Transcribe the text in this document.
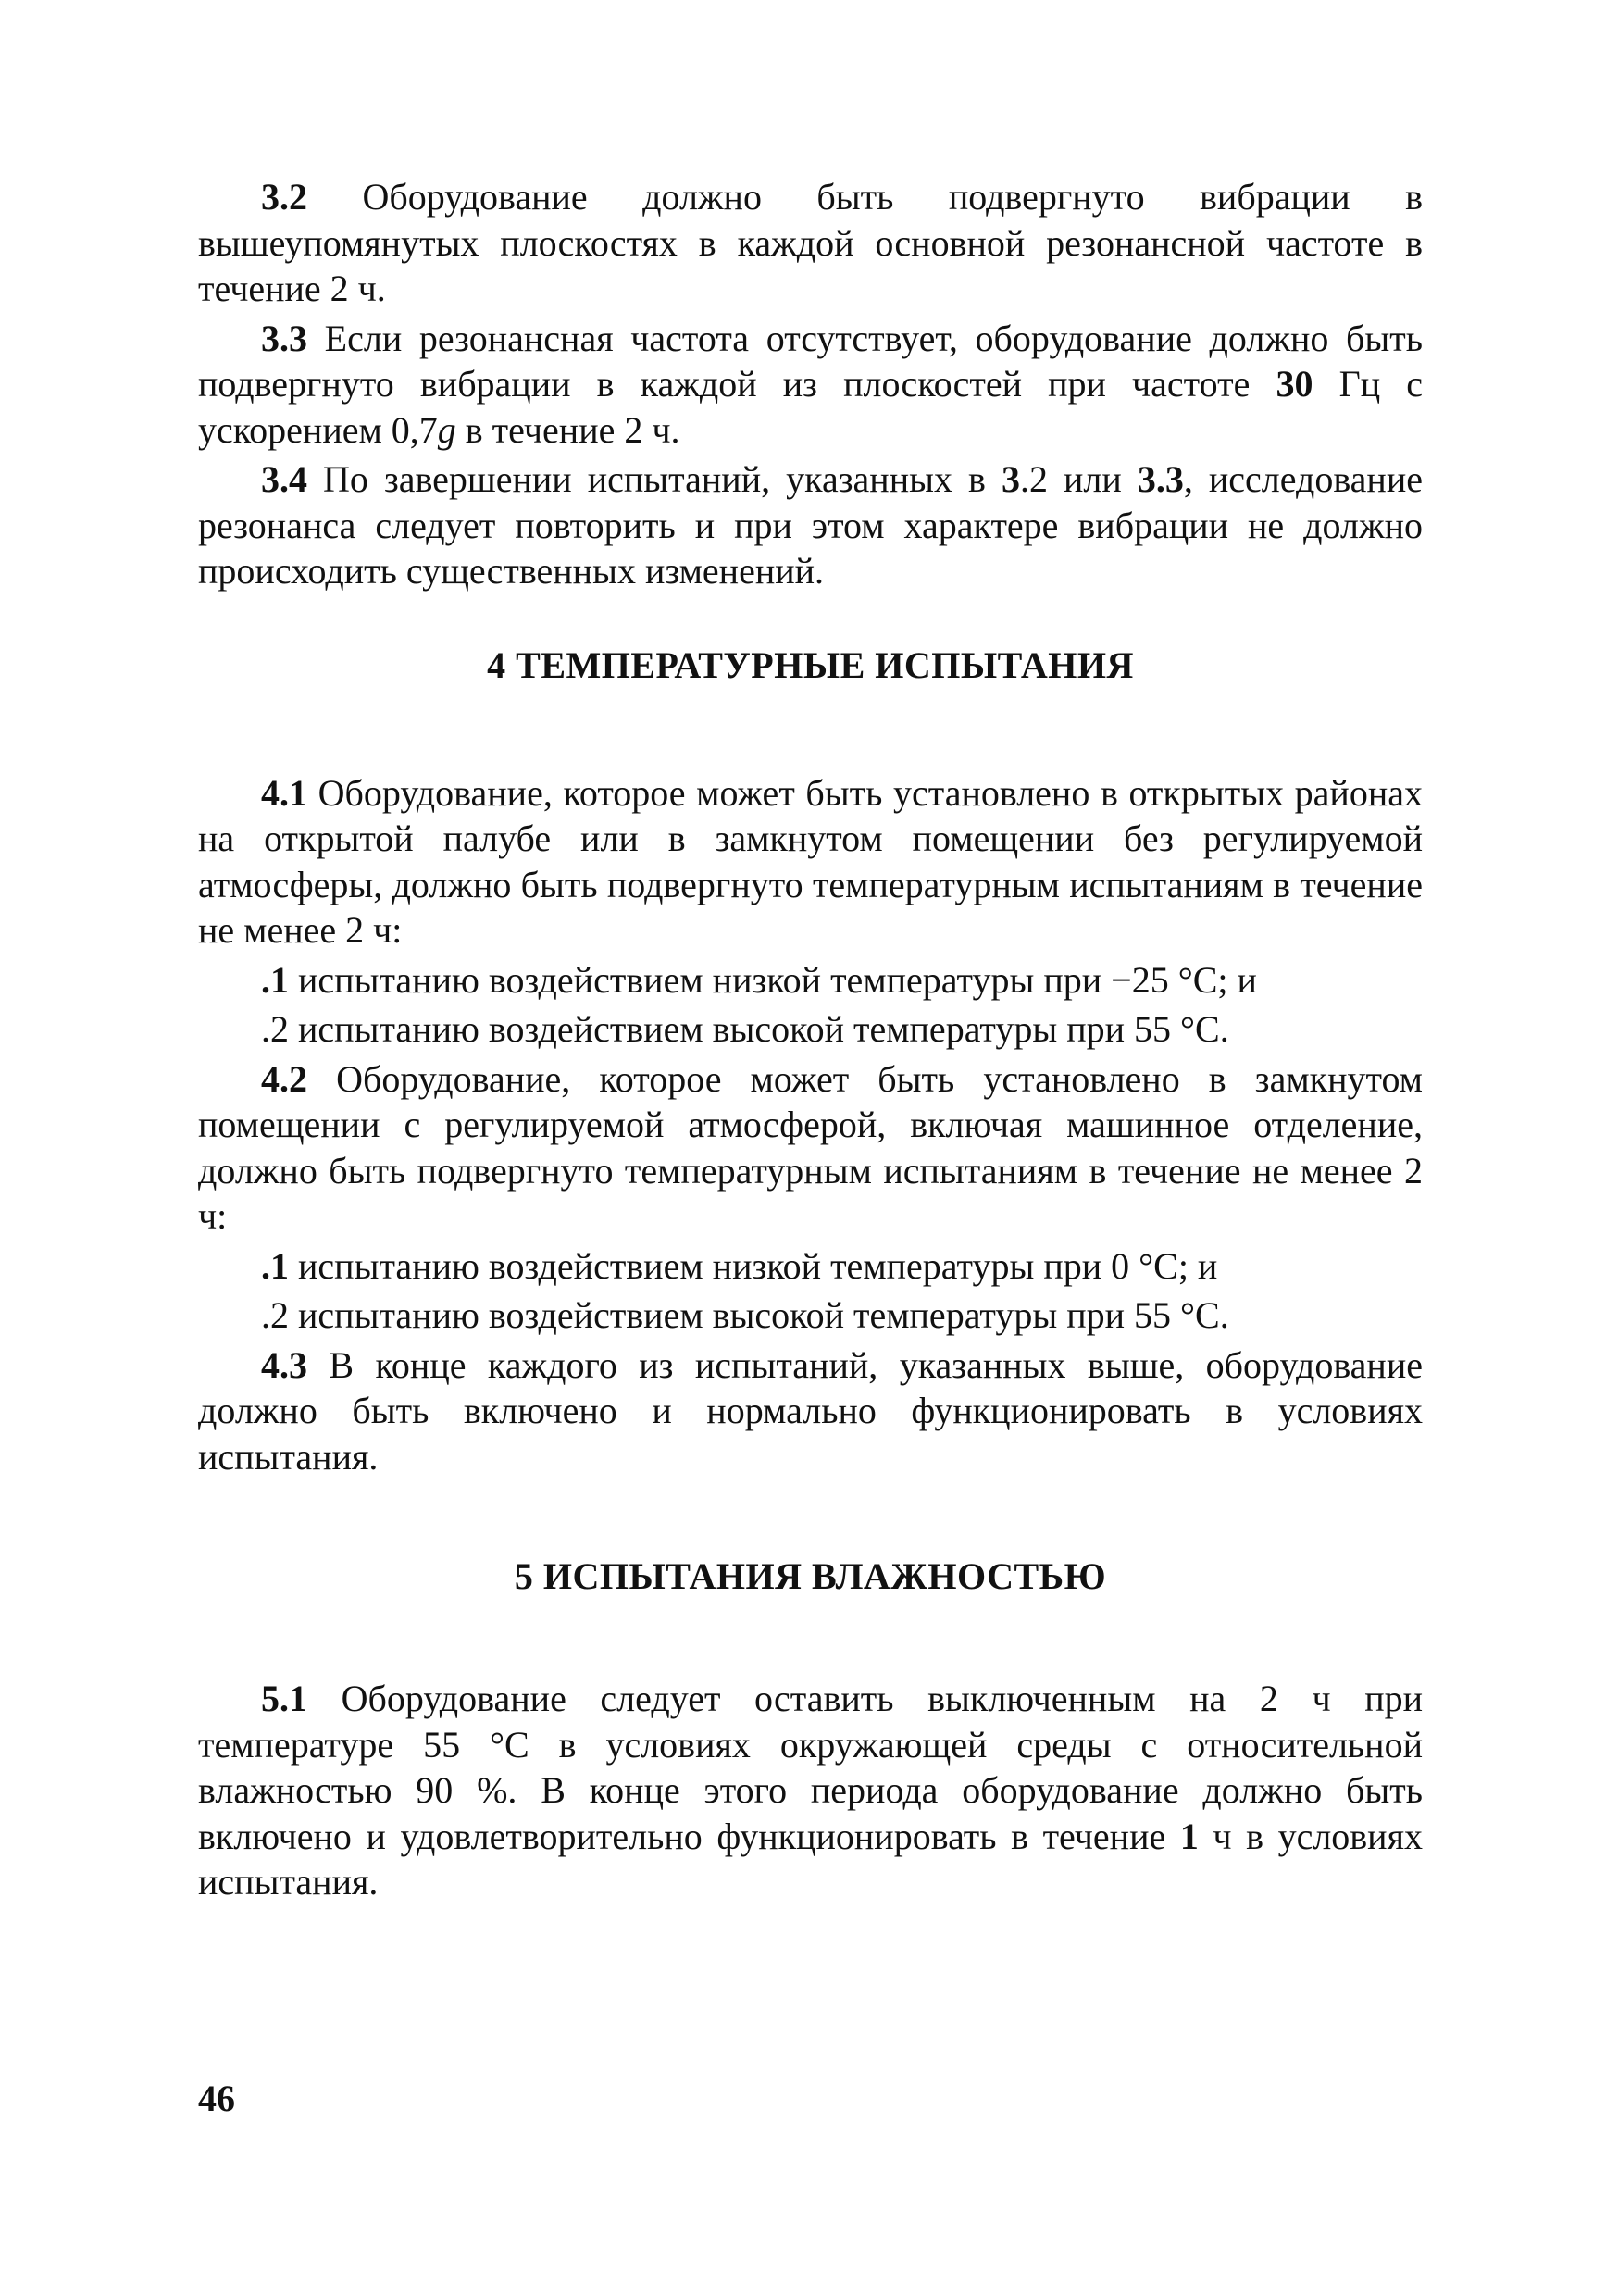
3.2 Оборудование должно быть подвергнуто вибрации в вышеупомянутых плоскостях в каждой основной резонансной частоте в течение 2 ч.

3.3 Если резонансная частота отсутствует, оборудование должно быть подвергнуто вибрации в каждой из плоскостей при частоте 30 Гц с ускорением 0,7g в течение 2 ч.

3.4 По завершении испытаний, указанных в 3.2 или 3.3, исследование резонанса следует повторить и при этом характере вибрации не должно происходить существенных изменений.

4 ТЕМПЕРАТУРНЫЕ ИСПЫТАНИЯ

4.1 Оборудование, которое может быть установлено в открытых районах на открытой палубе или в замкнутом помещении без регулируемой атмосферы, должно быть подвергнуто температурным испытаниям в течение не менее 2 ч:

.1 испытанию воздействием низкой температуры при −25 °С; и

.2 испытанию воздействием высокой температуры при 55 °С.

4.2 Оборудование, которое может быть установлено в замкнутом помещении с регулируемой атмосферой, включая машинное отделение, должно быть подвергнуто температурным испытаниям в течение не менее 2 ч:

.1 испытанию воздействием низкой температуры при 0 °С; и

.2 испытанию воздействием высокой температуры при 55 °С.

4.3 В конце каждого из испытаний, указанных выше, оборудование должно быть включено и нормально функционировать в условиях испытания.

5 ИСПЫТАНИЯ ВЛАЖНОСТЬЮ

5.1 Оборудование следует оставить выключенным на 2 ч при температуре 55 °С в условиях окружающей среды с относительной влажностью 90 %. В конце этого периода оборудование должно быть включено и удовлетворительно функционировать в течение 1 ч в условиях испытания.

46
